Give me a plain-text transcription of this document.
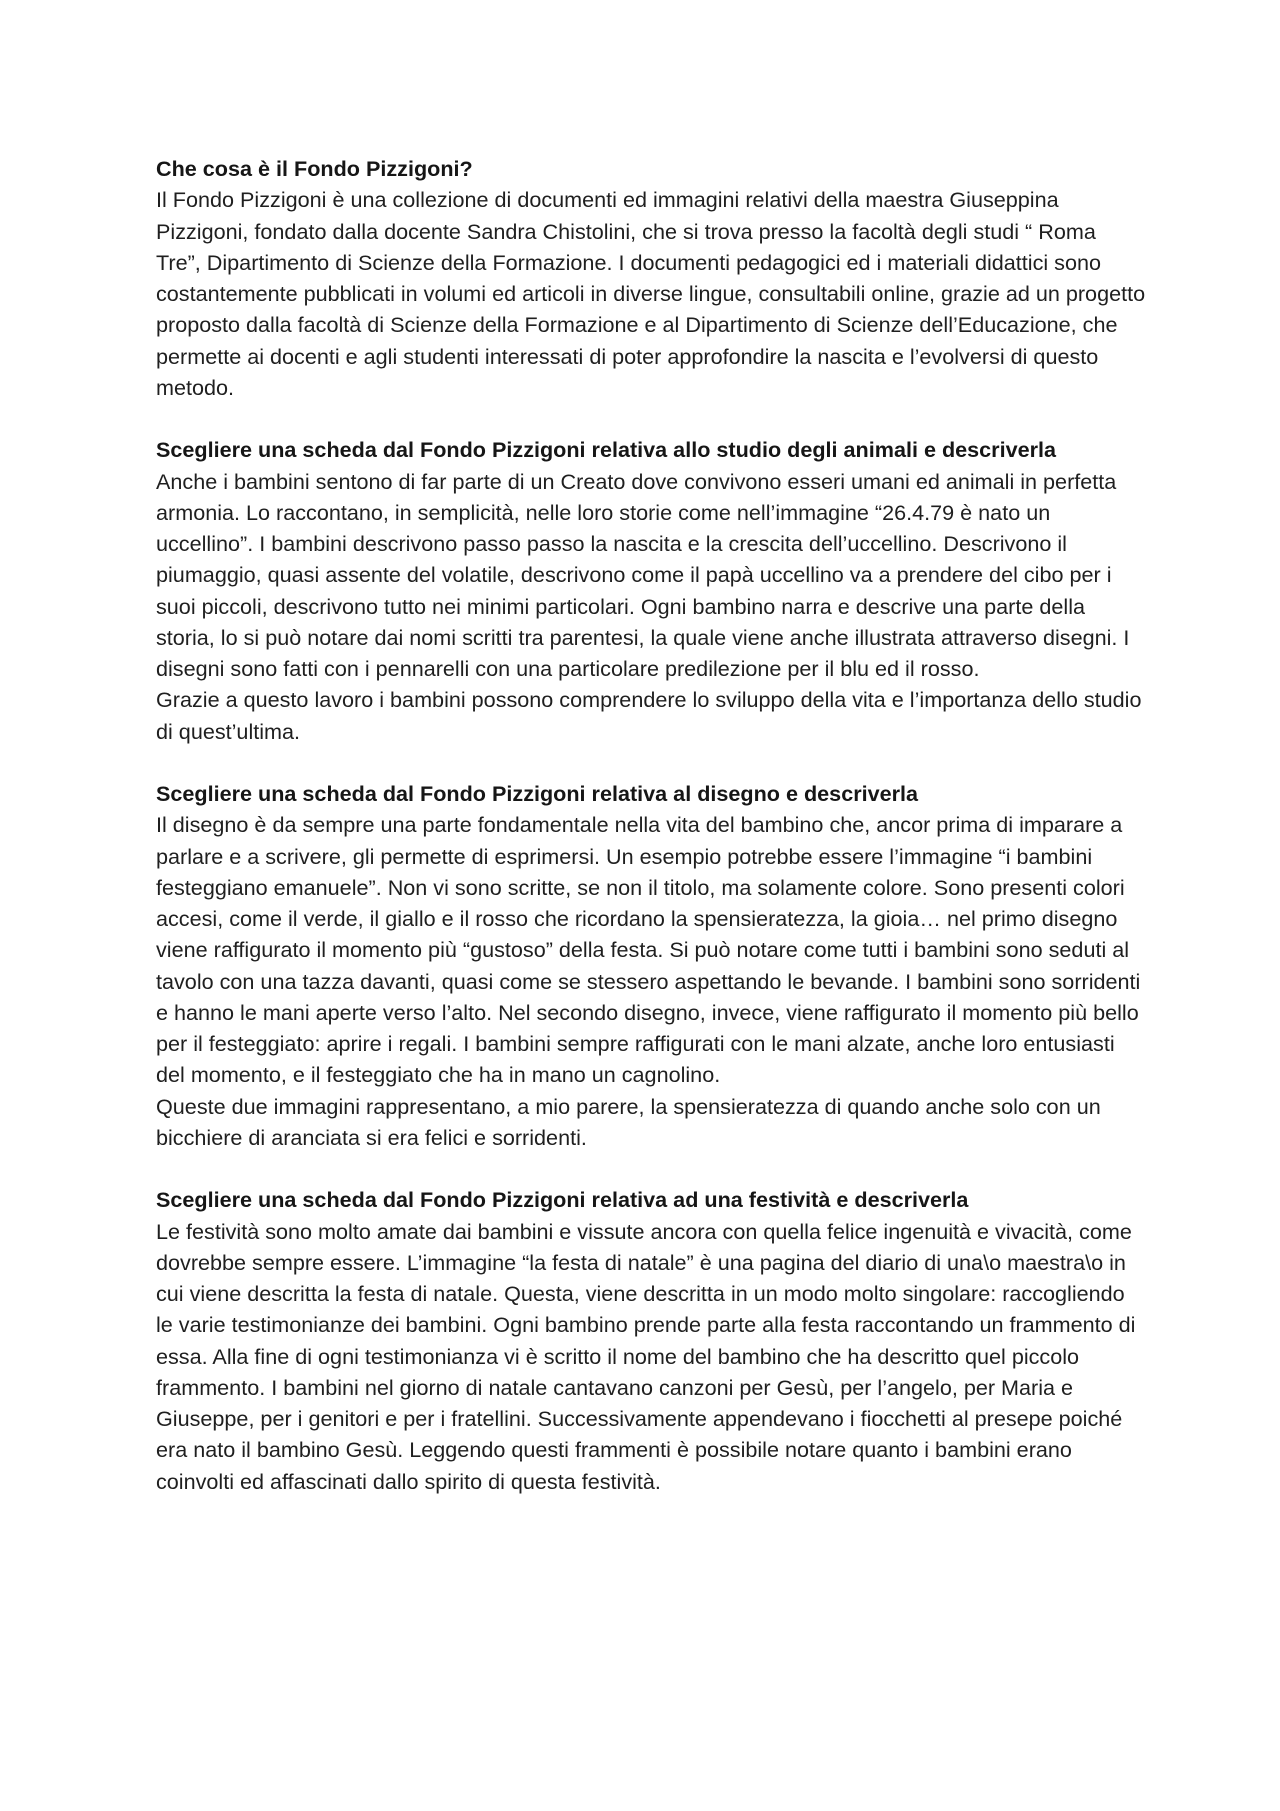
Che cosa è il Fondo Pizzigoni?

Il Fondo Pizzigoni è una collezione di documenti ed immagini relativi della maestra Giuseppina Pizzigoni, fondato dalla docente Sandra Chistolini, che si trova presso la facoltà degli studi “ Roma Tre”, Dipartimento di Scienze della Formazione. I documenti pedagogici ed i materiali didattici sono costantemente pubblicati in volumi ed articoli in diverse lingue, consultabili online, grazie ad un progetto proposto dalla facoltà di Scienze della Formazione e al Dipartimento di Scienze dell’Educazione, che permette ai docenti e agli studenti interessati di poter approfondire la nascita e l’evolversi di questo metodo.

Scegliere una scheda dal Fondo Pizzigoni relativa allo studio degli animali e descriverla

Anche i bambini sentono di far parte di un Creato dove convivono esseri umani ed animali in perfetta armonia. Lo raccontano, in semplicità, nelle loro storie come nell’immagine “26.4.79 è nato un uccellino”. I bambini descrivono passo passo la nascita e la crescita dell’uccellino. Descrivono il piumaggio, quasi assente del volatile, descrivono come il papà uccellino va a prendere del cibo per i suoi piccoli, descrivono tutto nei minimi particolari. Ogni bambino narra e descrive una parte della storia, lo si può notare dai nomi scritti tra parentesi, la quale viene anche illustrata attraverso disegni. I disegni sono fatti con i pennarelli con una particolare predilezione per il blu ed il rosso.

Grazie a questo lavoro i bambini possono comprendere lo sviluppo della vita e l’importanza dello studio di quest’ultima.

Scegliere una scheda dal Fondo Pizzigoni relativa al disegno e descriverla

Il disegno è da sempre una parte fondamentale nella vita del bambino che, ancor prima di imparare a parlare e a scrivere, gli permette di esprimersi. Un esempio potrebbe essere l’immagine “i bambini festeggiano emanuele”. Non vi sono scritte, se non il titolo, ma solamente colore. Sono presenti colori accesi, come il verde, il giallo e il rosso che ricordano la spensieratezza, la gioia… nel primo disegno viene raffigurato il momento più “gustoso” della festa. Si può notare come tutti i bambini sono seduti al tavolo con una tazza davanti, quasi come se stessero aspettando le bevande. I bambini sono sorridenti e hanno le mani aperte verso l’alto. Nel secondo disegno, invece, viene raffigurato il momento più bello per il festeggiato: aprire i regali. I bambini sempre raffigurati con le mani alzate, anche loro entusiasti del momento, e il festeggiato che ha in mano un cagnolino.

Queste due immagini rappresentano, a mio parere, la spensieratezza di quando anche solo con un bicchiere di aranciata si era felici e sorridenti.

Scegliere una scheda dal Fondo Pizzigoni relativa ad una festività e descriverla

Le festività sono molto amate dai bambini e vissute ancora con quella felice ingenuità e vivacità, come dovrebbe sempre essere. L’immagine “la festa di natale” è una pagina del diario di una\o maestra\o in cui viene descritta la festa di natale. Questa, viene descritta in un modo molto singolare: raccogliendo le varie testimonianze dei bambini. Ogni bambino prende parte alla festa raccontando un frammento di essa. Alla fine di ogni testimonianza vi è scritto il nome del bambino che ha descritto quel piccolo frammento. I bambini nel giorno di natale cantavano canzoni per Gesù, per l’angelo, per Maria e Giuseppe, per i genitori e per i fratellini. Successivamente appendevano i fiocchetti al presepe poiché era nato il bambino Gesù. Leggendo questi frammenti è possibile notare quanto i bambini erano coinvolti ed affascinati dallo spirito di questa festività.
